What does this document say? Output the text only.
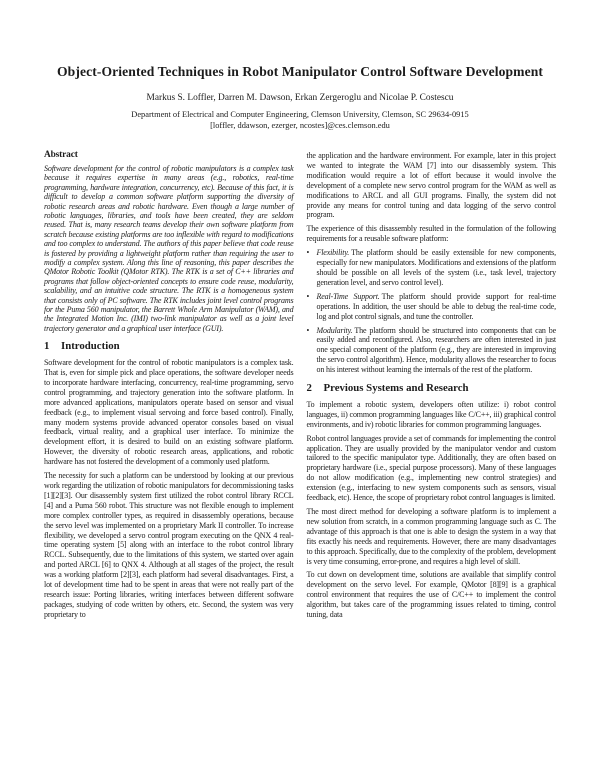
Object-Oriented Techniques in Robot Manipulator Control Software Development
Markus S. Loffler, Darren M. Dawson, Erkan Zergeroglu and Nicolae P. Costescu
Department of Electrical and Computer Engineering, Clemson University, Clemson, SC 29634-0915
[loffler, ddawson, ezerger, ncostes]@ces.clemson.edu
Abstract

Software development for the control of robotic manipulators is a complex task because it requires expertise in many areas (e.g., robotics, real-time programming, hardware integration, concurrency, etc). Because of this fact, it is difficult to develop a common software platform supporting the diversity of robotic research areas and robotic hardware. Even though a large number of robotic languages, libraries, and tools have been created, they are seldom reused. That is, many research teams develop their own software platform from scratch because existing platforms are too inflexible with regard to modifications and too complex to understand. The authors of this paper believe that code reuse is fostered by providing a lightweight platform rather than requiring the user to modify a complex system. Along this line of reasoning, this paper describes the QMotor Robotic Toolkit (QMotor RTK). The RTK is a set of C++ libraries and programs that follow object-oriented concepts to ensure code reuse, modularity, scalability, and an intuitive code structure. The RTK is a homogeneous system that consists only of PC software. The RTK includes joint level control programs for the Puma 560 manipulator, the Barrett Whole Arm Manipulator (WAM), and the Integrated Motion Inc. (IMI) two-link manipulator as well as a joint level trajectory generator and a graphical user interface (GUI).

1 Introduction

Software development for the control of robotic manipulators is a complex task. That is, even for simple pick and place operations, the software developer needs to incorporate hardware interfacing, concurrency, real-time programming, servo control programming, and trajectory generation into the software platform. In more advanced applications, manipulators operate based on sensor and visual feedback (e.g., to implement visual servoing and force based control). Finally, many modern systems provide advanced operator consoles based on visual feedback, virtual reality, and a graphical user interface. To minimize the development effort, it is desired to build on an existing software platform. However, the diversity of robotic research areas, applications, and robotic hardware has not fostered the development of a commonly used platform.

The necessity for such a platform can be understood by looking at our previous work regarding the utilization of robotic manipulators for decommissioning tasks [1][2][3]. Our disassembly system first utilized the robot control library RCCL [4] and a Puma 560 robot. This structure was not flexible enough to implement more complex controller types, as required in disassembly operations, because the servo level was implemented on a proprietary Mark II controller. To increase flexibility, we developed a servo control program executing on the QNX 4 real-time operating system [5] along with an interface to the robot control library RCCL. Subsequently, due to the limitations of this system, we started over again and ported ARCL [6] to QNX 4. Although at all stages of the project, the result was a working platform [2][3], each platform had several disadvantages. First, a lot of development time had to be spent in areas that were not really part of the research issue: Porting libraries, writing interfaces between different software packages, studying of code written by others, etc. Second, the system was very proprietary to

the application and the hardware environment. For example, later in this project we wanted to integrate the WAM [7] into our disassembly system. This modification would require a lot of effort because it would involve the development of a complete new servo control program for the WAM as well as modifications to ARCL and all GUI programs. Finally, the system did not provide any means for control tuning and data logging of the servo control program.

The experience of this disassembly resulted in the formulation of the following requirements for a reusable software platform:

• Flexibility. The platform should be easily extensible for new components, especially for new manipulators. Modifications and extensions of the platform should be possible on all levels of the system (i.e., task level, trajectory generation level, and servo control level).
• Real-Time Support. The platform should provide support for real-time operations. In addition, the user should be able to debug the real-time code, log and plot control signals, and tune the controller.
• Modularity. The platform should be structured into components that can be easily added and reconfigured. Also, researchers are often interested in just one special component of the platform (e.g., they are interested in improving the servo control algorithm). Hence, modularity allows the researcher to focus on his interest without learning the internals of the rest of the platform.
2 Previous Systems and Research

To implement a robotic system, developers often utilize: i) robot control languages, ii) common programming languages like C/C++, iii) graphical control environments, and iv) robotic libraries for common programming languages.

Robot control languages provide a set of commands for implementing the control application. They are usually provided by the manipulator vendor and custom tailored to the specific manipulator type. Additionally, they are often based on proprietary hardware (i.e., special purpose processors). Many of these languages do not allow modification (e.g., implementing new control strategies) and extension (e.g., interfacing to new system components such as sensors, visual feedback, etc). Hence, the scope of proprietary robot control languages is limited.

The most direct method for developing a software platform is to implement a new solution from scratch, in a common programming language such as C. The advantage of this approach is that one is able to design the system in a way that fits exactly his needs and requirements. However, there are many disadvantages to this approach. Specifically, due to the complexity of the problem, development is very time consuming, error-prone, and requires a high level of skill.

To cut down on development time, solutions are available that simplify control development on the servo level. For example, QMotor [8][9] is a graphical control environment that requires the use of C/C++ to implement the control algorithm, but takes care of the programming issues related to timing, control tuning, data
